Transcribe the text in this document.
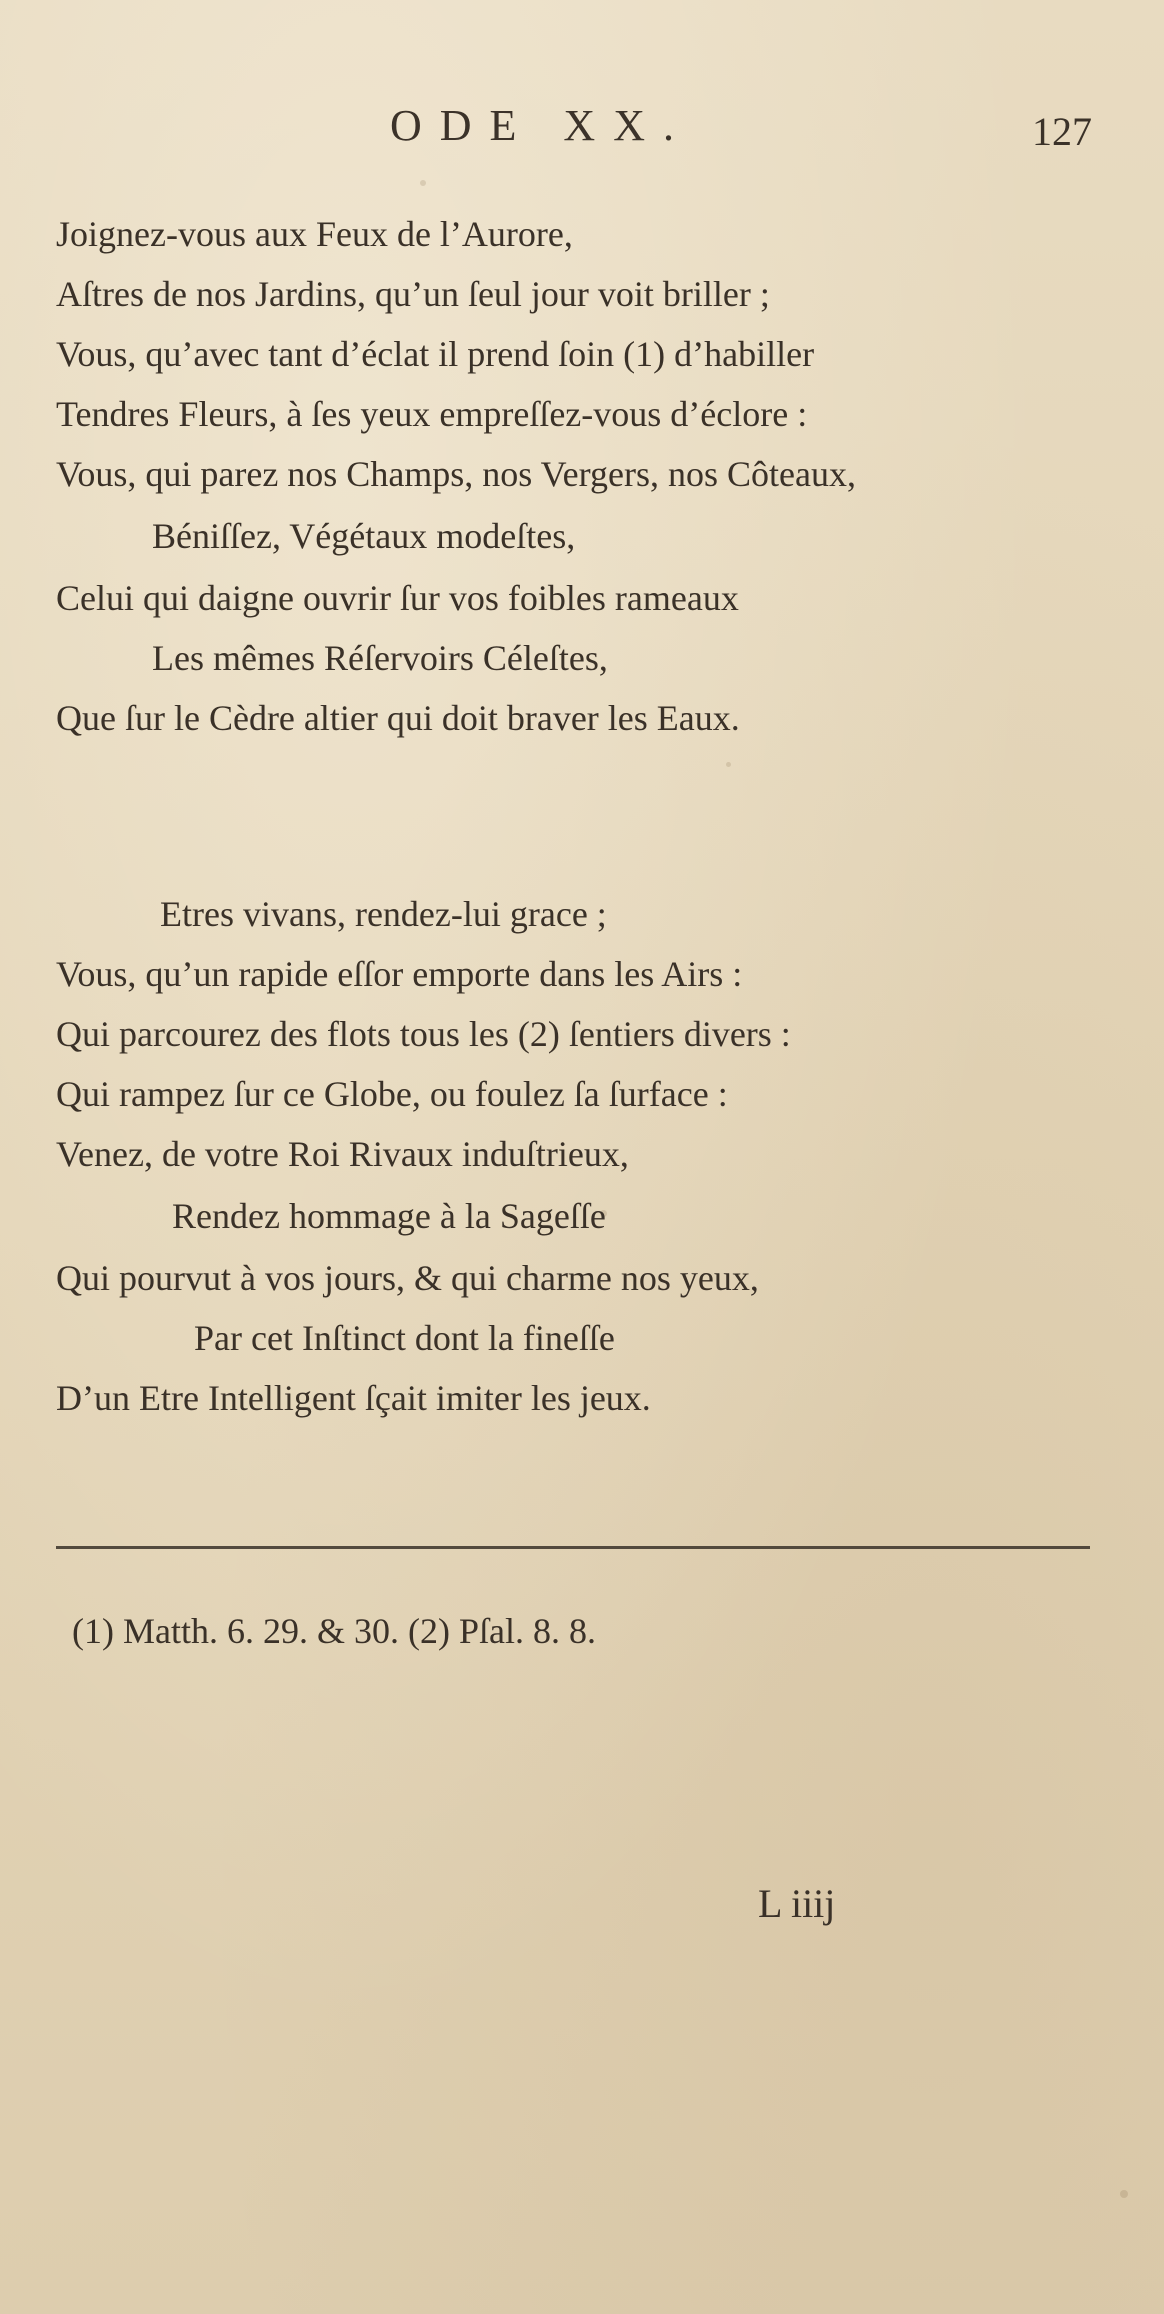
ODE XX.	127
Joignez-vous aux Feux de l’Aurore,
Aſtres de nos Jardins, qu’un ſeul jour voit briller ;
Vous, qu’avec tant d’éclat il prend ſoin (1) d’habiller
Tendres Fleurs, à ſes yeux empreſſez-vous d’éclore :
Vous, qui parez nos Champs, nos Vergers, nos Côteaux,
Béniſſez, Végétaux modeſtes,
Celui qui daigne ouvrir ſur vos foibles rameaux
Les mêmes Réſervoirs Céleſtes,
Que ſur le Cèdre altier qui doit braver les Eaux.
Etres vivans, rendez-lui grace ;
Vous, qu’un rapide eſſor emporte dans les Airs :
Qui parcourez des flots tous les (2) ſentiers divers :
Qui rampez ſur ce Globe, ou foulez ſa ſurface :
Venez, de votre Roi Rivaux induſtrieux,
Rendez hommage à la Sageſſe
Qui pourvut à vos jours, & qui charme nos yeux,
Par cet Inſtinct dont la fineſſe
D’un Etre Intelligent ſçait imiter les jeux.
(1) Matth. 6. 29. & 30. (2) Pſal. 8. 8.
L iiij
